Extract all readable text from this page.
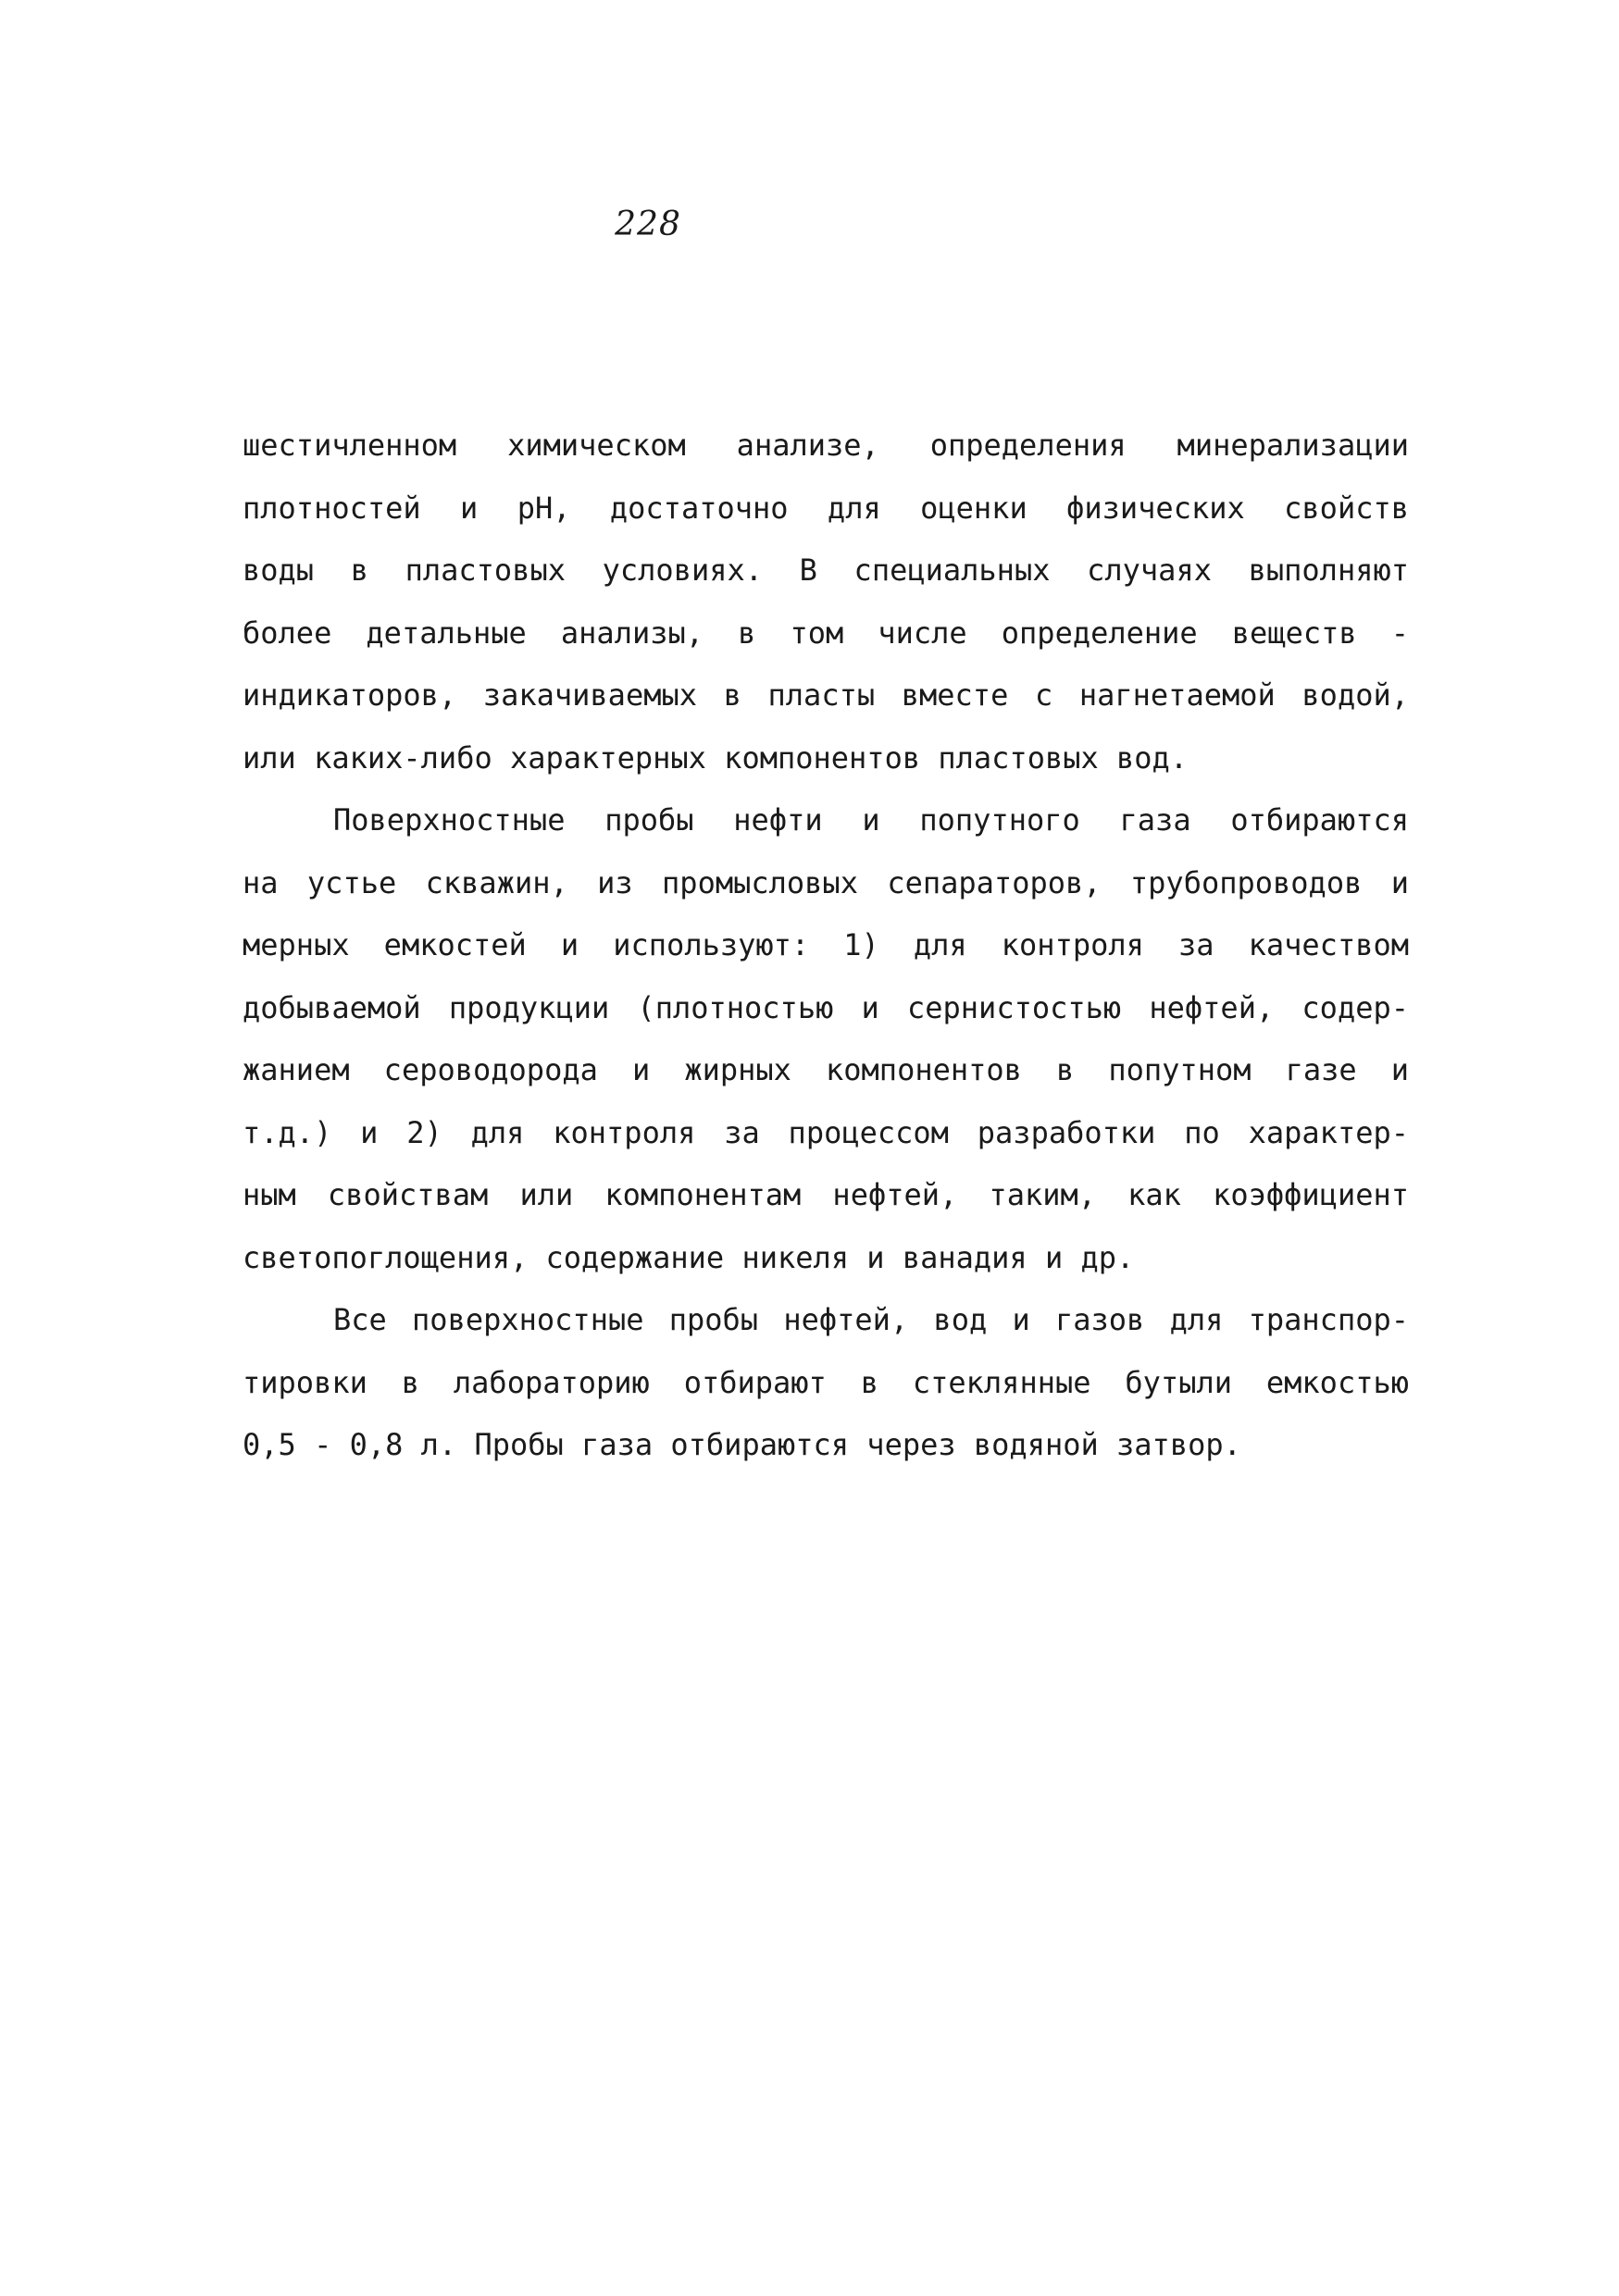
228
шестичленном химическом анализе, определения минерализации
плотностей и pH, достаточно для оценки физических свойств
воды в пластовых условиях. В специальных случаях выполняют
более детальные анализы, в том числе определение веществ -
индикаторов, закачиваемых в пласты вместе с нагнетаемой водой,
или каких-либо характерных компонентов пластовых вод.
Поверхностные пробы нефти и попутного газа отбираются
на устье скважин, из промысловых сепараторов, трубопроводов и
мерных емкостей и используют: 1) для контроля за качеством
добываемой продукции (плотностью и сернистостью нефтей, содер-
жанием сероводорода и жирных компонентов в попутном газе и
т.д.) и 2) для контроля за процессом разработки по характер-
ным свойствам или компонентам нефтей, таким, как коэффициент
светопоглощения, содержание никеля и ванадия и др.
Все поверхностные пробы нефтей, вод и газов для транспор-
тировки в лабораторию отбирают в стеклянные бутыли емкостью
0,5 - 0,8 л. Пробы газа отбираются через водяной затвор.
